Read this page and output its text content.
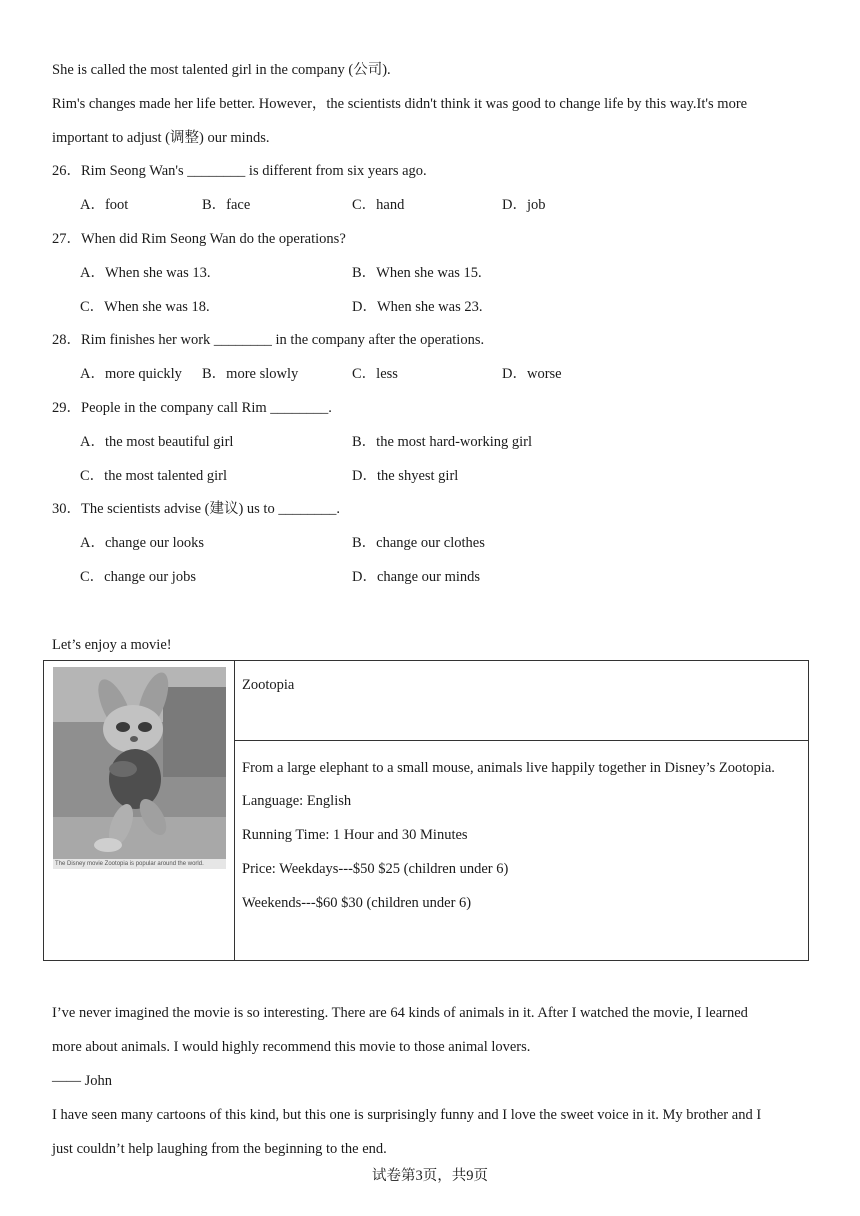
She is called the most talented girl in the company (公司).
Rim's changes made her life better. However，the scientists didn't think it was good to change life by this way.It's more
important to adjust (调整) our minds.
26．Rim Seong Wan's ________ is different from six years ago.
A．foot	B．face	C．hand	D．job
27．When did Rim Seong Wan do the operations?
A．When she was 13.	B．When she was 15.
C．When she was 18.	D．When she was 23.
28．Rim finishes her work ________ in the company after the operations.
A．more quickly B．more slowly	C．less	D．worse
29．People in the company call Rim ________.
A．the most beautiful girl	B．the most hard-working girl
C．the most talented girl	D．the shyest girl
30．The scientists advise (建议) us to ________.
A．change our looks	B．change our clothes
C．change our jobs	D．change our minds
Let’s enjoy a movie!
The Disney movie Zootopia is popular around the world.
Zootopia
From a large elephant to a small mouse, animals live happily together in Disney’s Zootopia.
Language: English
Running Time: 1 Hour and 30 Minutes
Price: Weekdays---$50 $25 (children under 6)
Weekends---$60 $30 (children under 6)
I’ve never imagined the movie is so interesting. There are 64 kinds of animals in it. After I watched the movie, I learned
more about animals. I would highly recommend this movie to those animal lovers.
—— John
I have seen many cartoons of this kind, but this one is surprisingly funny and I love the sweet voice in it. My brother and I
just couldn’t help laughing from the beginning to the end.
试卷第3页，共9页
